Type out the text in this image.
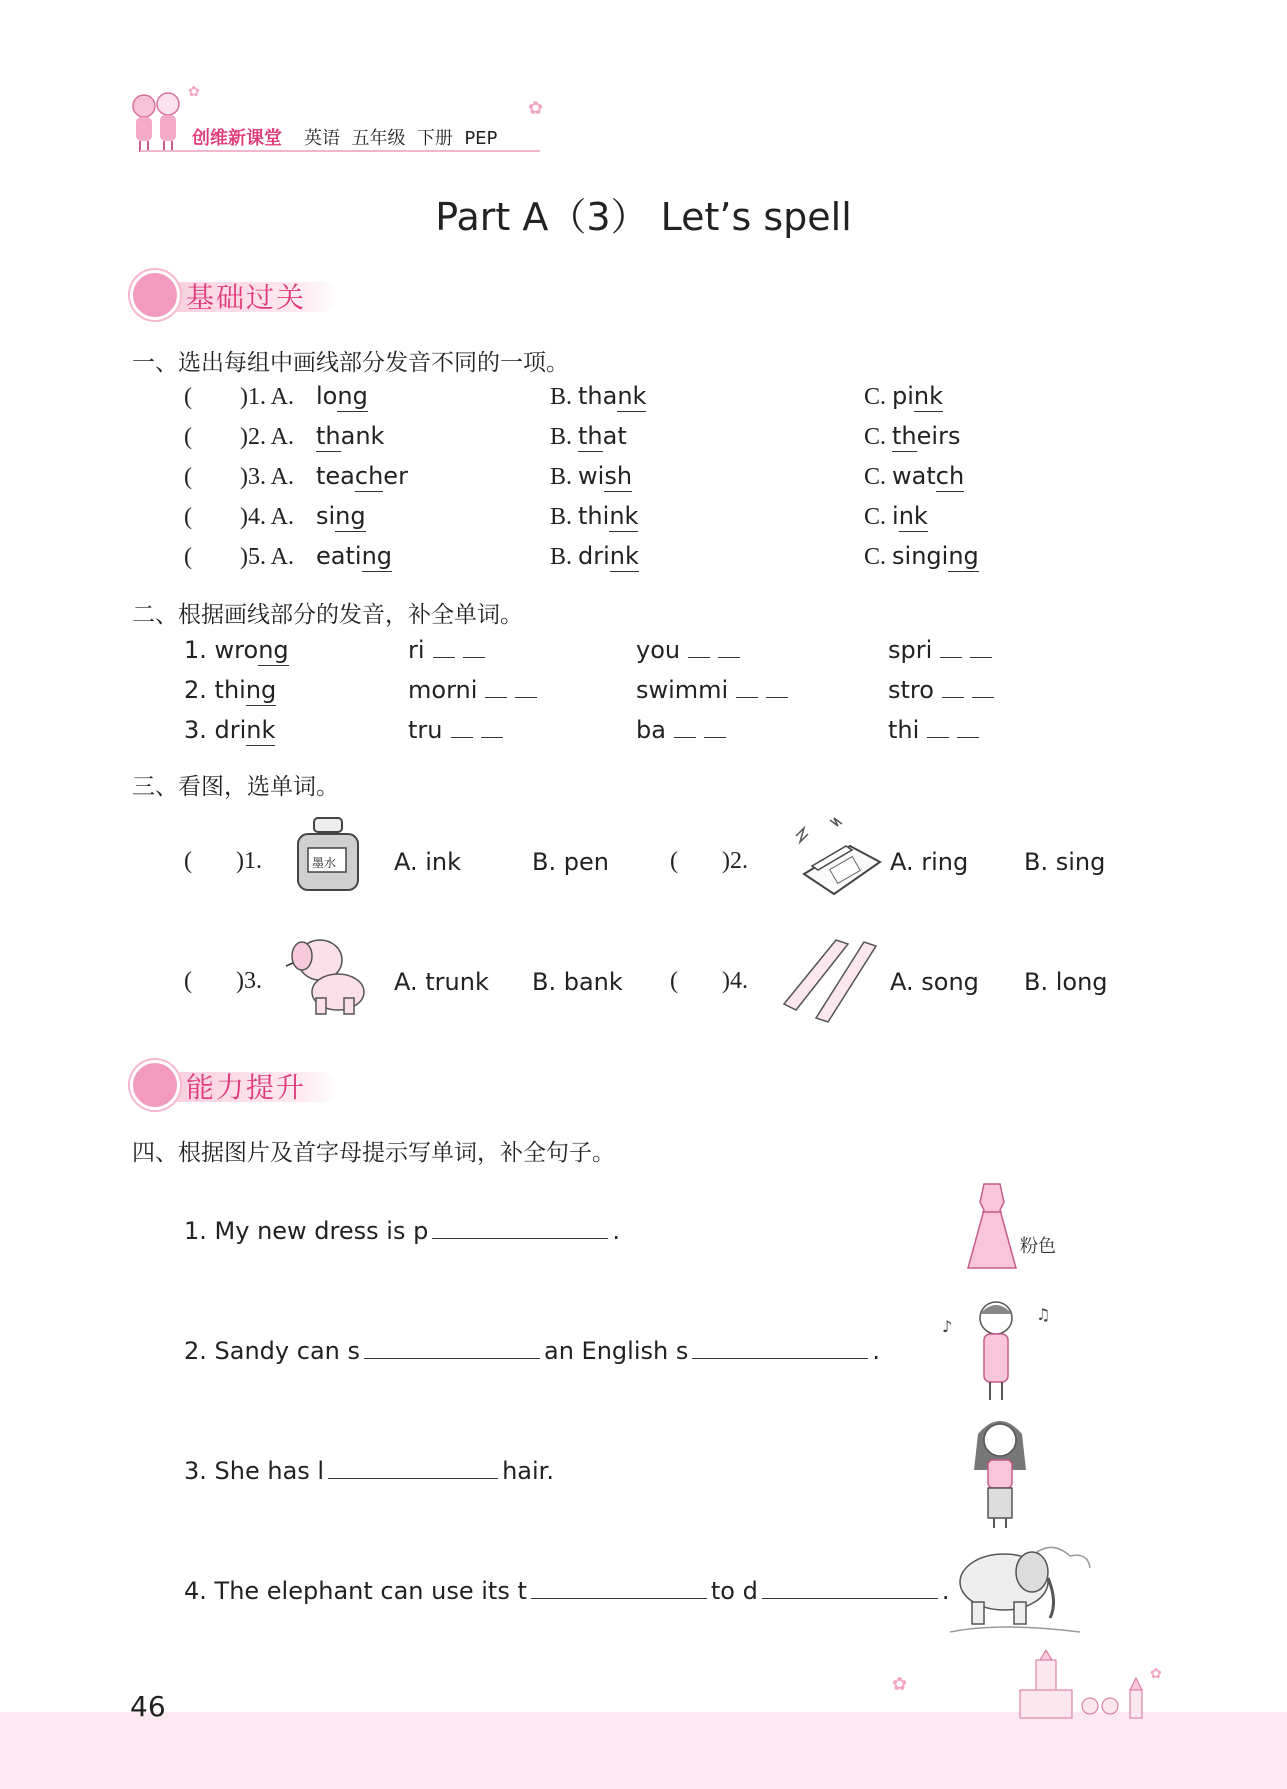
创维新课堂 英语  五年级  下册  PEP
✿
✿
Part A（3） Let’s spell
基础过关
一、选出每组中画线部分发音不同的一项。
( )1. A. long	B. thank	C. pink
( )2. A. thank	B. that	C. theirs
( )3. A. teacher	B. wish	C. watch
( )4. A. sing	B. think	C. ink
( )5. A. eating	B. drink	C. singing
二、根据画线部分的发音，补全单词。
1. wrong	ri	you	spri
2. thing	morni	swimmi	stro
3. drink	tru	ba	thi
三、看图，选单词。
( )1.	墨水 A. ink	B. pen	( )2.	A. ring B. sing
( )3.	A. trunk B. bank ( )4.	A. song B. long
能力提升
四、根据图片及首字母提示写单词，补全句子。
1. My new dress is p	.
粉色
2. Sandy can s	an English s	.
♪
♫
3. She has l	hair.
4. The elephant can use its t	to d	.
46
✿	✿
